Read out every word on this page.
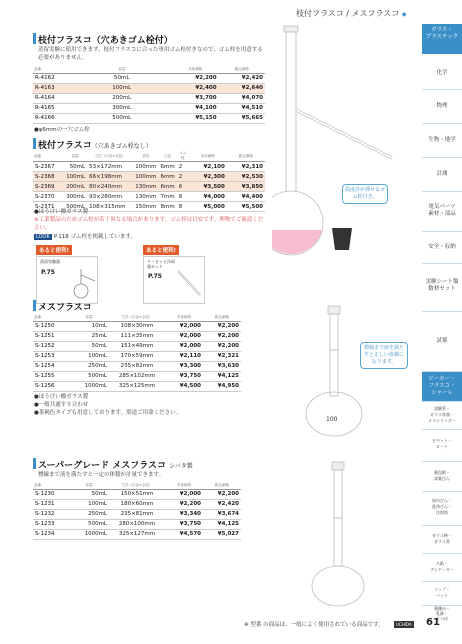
枝付フラスコ / メスフラスコ ◆
ガラス・
プラスチック
化学
物理
生物・地学
計測
電気パーツ
素材・部品
安全・収納
実験シート類
数材セット
試薬
ビーカー・
フラスコ・
シャーレ
試験管・
ガラス容器・
メスシリンダー
ビペット・
ロート
薬包紙・
試薬びん
保冷びん・
洗浄びん・
注射筒
ガラス棒・
ガラス管
ろ紙・
デシケーター
コップ・
バット
薬棚台・
乳鉢・
るつぼ
枝付フラスコ（穴あきゴム栓付）
蒸留実験に使用できます。枝付フラスコに合った専用ゴム栓付きなので、ゴム栓を用意する必要がありません。
品番	容量	本体価格	税込価格
R-4162	50mL	¥2,200	¥2,420
R-4163	100mL	¥2,400	¥2,640
R-4164	200mL	¥3,700	¥4,070
R-4165	300mL	¥4,100	¥4,510
R-4166	500mL	¥5,150	¥5,665
●φ6mmの一穴ゴム栓
枝付フラスコ（穴あきゴム栓なし）
品番	容量	寸法（口径×全長）	首長	口径	ゴム栓	本体価格	税込価格
S-2367	50mL	53×172mm	100mm	6mm	2	¥2,100	¥2,310
S-2368	100mL	66×198mm	100mm	6mm	2	¥2,300	¥2,530
S-2369	200mL	80×240mm	130mm	6mm	6	¥3,500	¥3,850
S-2370	300mL	93×280mm	130mm	7mm	8	¥4,000	¥4,400
S-2371	500mL	108×315mm	150mm	8mm	8	¥5,000	¥5,500
●ほうけい酸ガラス製
※工業製品のためゴム栓が若干異なる場合があります。ゴム栓は目安です。理物でご確認ください。
LOOK P.118 ゴム栓を掲載しています。
あると便利!
蒸留実験器
P.75
あると便利!
リービッヒ冷却器セット
P.75
温度計が挿せるゴム栓付き。
メスフラスコ
品番	容量	寸法（口径×全長）	本体価格	税込価格
S-1250	10mL	108×30mm	¥2,000	¥2,200
S-1251	25mL	111×35mm	¥2,000	¥2,200
S-1252	50mL	151×49mm	¥2,000	¥2,200
S-1253	100mL	170×59mm	¥2,110	¥2,321
S-1254	250mL	235×82mm	¥3,300	¥3,630
S-1255	500mL	285×102mm	¥3,750	¥4,125
S-1256	1000mL	325×125mm	¥4,500	¥4,950
●ほうけい酸ガラス製
●一般共通すり合わせ
●茶褐色タイプも用意しております。別途ご用命ください。
100
標線まで液を満たすと正しい体積になります。
スーパーグレード メスフラスコ シバタ製
標線まで液を満たすと一定の体積が計量できます。
品番	容量	寸法（口径×全長）	本体価格	税込価格
S-1230	50mL	150×51mm	¥2,000	¥2,200
S-1231	100mL	180×60mm	¥2,200	¥2,420
S-1232	250mL	235×81mm	¥3,340	¥3,674
S-1233	500mL	280×100mm	¥3,750	¥4,125
S-1234	1000mL	325×127mm	¥4,570	¥5,027
※ 型番 の商品は、一般によく使用されている商品です。	UCHIDA 61
